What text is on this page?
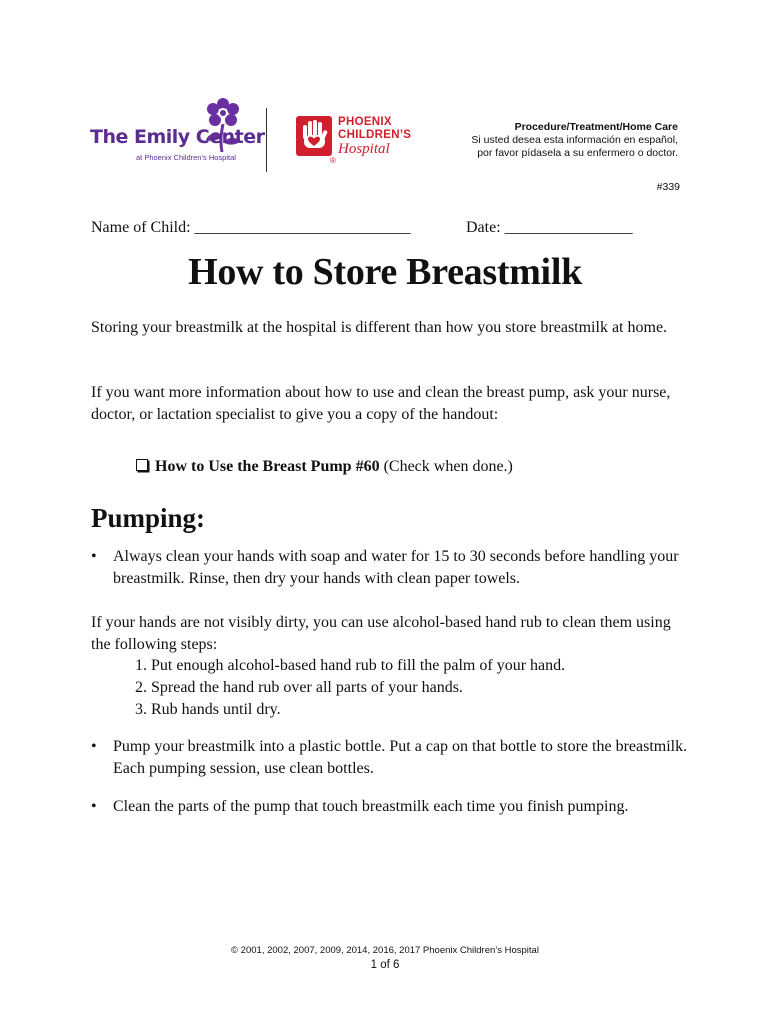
The Emily Center
at Phoenix Children’s Hospital
PHOENIX
CHILDREN’S
Hospital
®
Procedure/Treatment/Home Care
Si usted desea esta información en español,
por favor pídasela a su enfermero o doctor.
#339
Name of Child: ___________________________	Date: ________________
How to Store Breastmilk

Storing your breastmilk at the hospital is different than how you store breastmilk at home.

If you want more information about how to use and clean the breast pump, ask your nurse, doctor, or lactation specialist to give you a copy of the handout:

How to Use the Breast Pump #60 (Check when done.)
Pumping:
• Always clean your hands with soap and water for 15 to 30 seconds before handling your breastmilk. Rinse, then dry your hands with clean paper towels.

If your hands are not visibly dirty, you can use alcohol-based hand rub to clean them using the following steps:

1. Put enough alcohol-based hand rub to fill the palm of your hand.
2. Spread the hand rub over all parts of your hands.
3. Rub hands until dry.
• Pump your breastmilk into a plastic bottle. Put a cap on that bottle to store the breastmilk. Each pumping session, use clean bottles.
• Clean the parts of the pump that touch breastmilk each time you finish pumping.
© 2001, 2002, 2007, 2009, 2014, 2016, 2017 Phoenix Children’s Hospital
1 of 6
